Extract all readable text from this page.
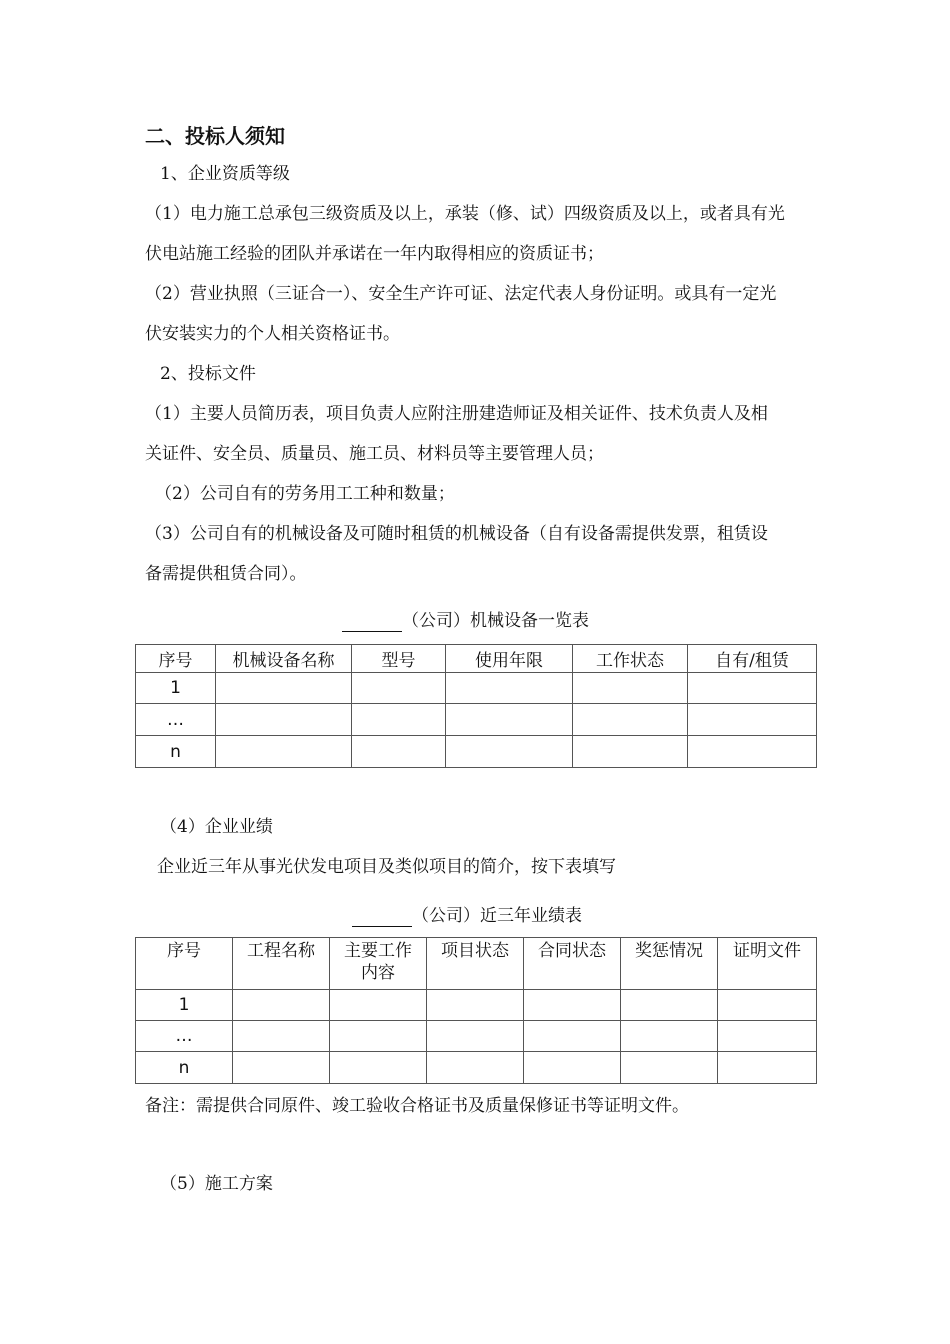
二、投标人须知
1、企业资质等级
（1）电力施工总承包三级资质及以上，承装（修、试）四级资质及以上，或者具有光
伏电站施工经验的团队并承诺在一年内取得相应的资质证书；
（2）营业执照（三证合一）、安全生产许可证、法定代表人身份证明。或具有一定光
伏安装实力的个人相关资格证书。
2、投标文件
（1）主要人员简历表，项目负责人应附注册建造师证及相关证件、技术负责人及相
关证件、安全员、质量员、施工员、材料员等主要管理人员；
（2）公司自有的劳务用工工种和数量；
（3）公司自有的机械设备及可随时租赁的机械设备（自有设备需提供发票，租赁设
备需提供租赁合同）。
（公司）机械设备一览表
序号	机械设备名称	型号	使用年限	工作状态	自有/租赁
1					
…					
n					
（4）企业业绩
企业近三年从事光伏发电项目及类似项目的简介，按下表填写
（公司）近三年业绩表
序号	工程名称	主要工作
内容	项目状态	合同状态	奖惩情况	证明文件
1						
…						
n						
备注：需提供合同原件、竣工验收合格证书及质量保修证书等证明文件。
（5）施工方案
